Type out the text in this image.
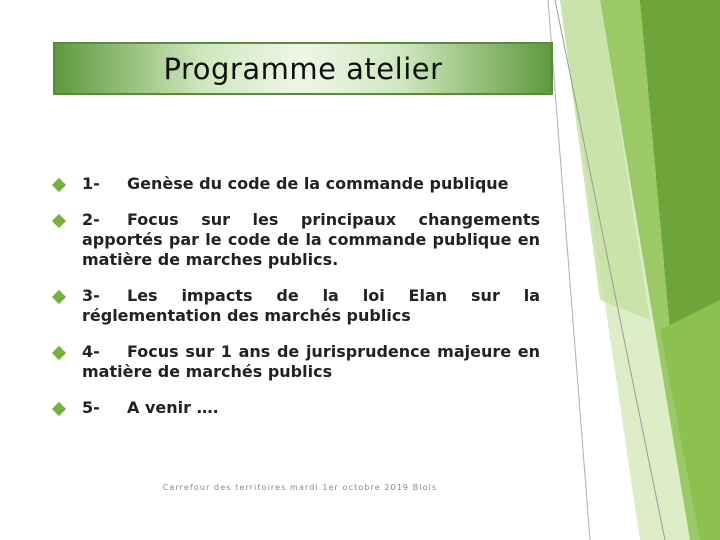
Programme atelier
1- Genèse du code de la commande publique
2- Focus sur les principaux changements apportés par le code de la commande publique en matière de marches publics.
3- Les impacts de la loi Elan sur la réglementation des marchés publics
4- Focus sur 1 ans de jurisprudence majeure en matière de marchés publics
5- A venir ….
Carrefour des territoires mardi 1er octobre 2019 Blois
